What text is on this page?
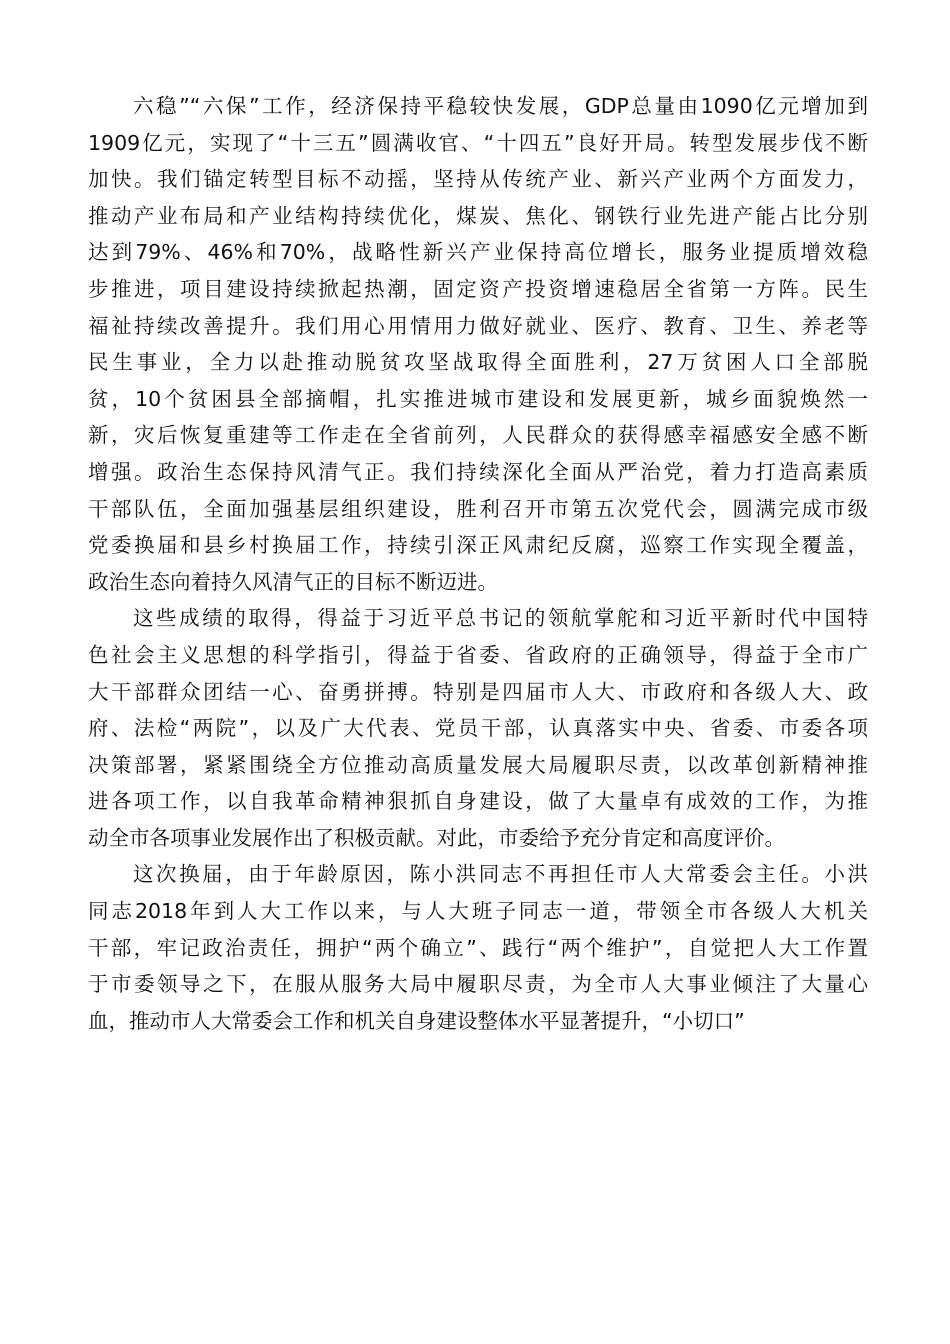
六稳”“六保”工作，经济保持平稳较快发展，GDP总量由1090亿元增加到
1909亿元，实现了“十三五”圆满收官、“十四五”良好开局。转型发展步伐不断
加快。我们锚定转型目标不动摇，坚持从传统产业、新兴产业两个方面发力，
推动产业布局和产业结构持续优化，煤炭、焦化、钢铁行业先进产能占比分别
达到79%、46%和70%，战略性新兴产业保持高位增长，服务业提质增效稳
步推进，项目建设持续掀起热潮，固定资产投资增速稳居全省第一方阵。民生
福祉持续改善提升。我们用心用情用力做好就业、医疗、教育、卫生、养老等
民生事业，全力以赴推动脱贫攻坚战取得全面胜利，27万贫困人口全部脱
贫，10个贫困县全部摘帽，扎实推进城市建设和发展更新，城乡面貌焕然一
新，灾后恢复重建等工作走在全省前列，人民群众的获得感幸福感安全感不断
增强。政治生态保持风清气正。我们持续深化全面从严治党，着力打造高素质
干部队伍，全面加强基层组织建设，胜利召开市第五次党代会，圆满完成市级
党委换届和县乡村换届工作，持续引深正风肃纪反腐，巡察工作实现全覆盖，
政治生态向着持久风清气正的目标不断迈进。
这些成绩的取得，得益于习近平总书记的领航掌舵和习近平新时代中国特
色社会主义思想的科学指引，得益于省委、省政府的正确领导，得益于全市广
大干部群众团结一心、奋勇拼搏。特别是四届市人大、市政府和各级人大、政
府、法检“两院”，以及广大代表、党员干部，认真落实中央、省委、市委各项
决策部署，紧紧围绕全方位推动高质量发展大局履职尽责，以改革创新精神推
进各项工作，以自我革命精神狠抓自身建设，做了大量卓有成效的工作，为推
动全市各项事业发展作出了积极贡献。对此，市委给予充分肯定和高度评价。
这次换届，由于年龄原因，陈小洪同志不再担任市人大常委会主任。小洪
同志2018年到人大工作以来，与人大班子同志一道，带领全市各级人大机关
干部，牢记政治责任，拥护“两个确立”、践行“两个维护”，自觉把人大工作置
于市委领导之下，在服从服务大局中履职尽责，为全市人大事业倾注了大量心
血，推动市人大常委会工作和机关自身建设整体水平显著提升，“小切口”
